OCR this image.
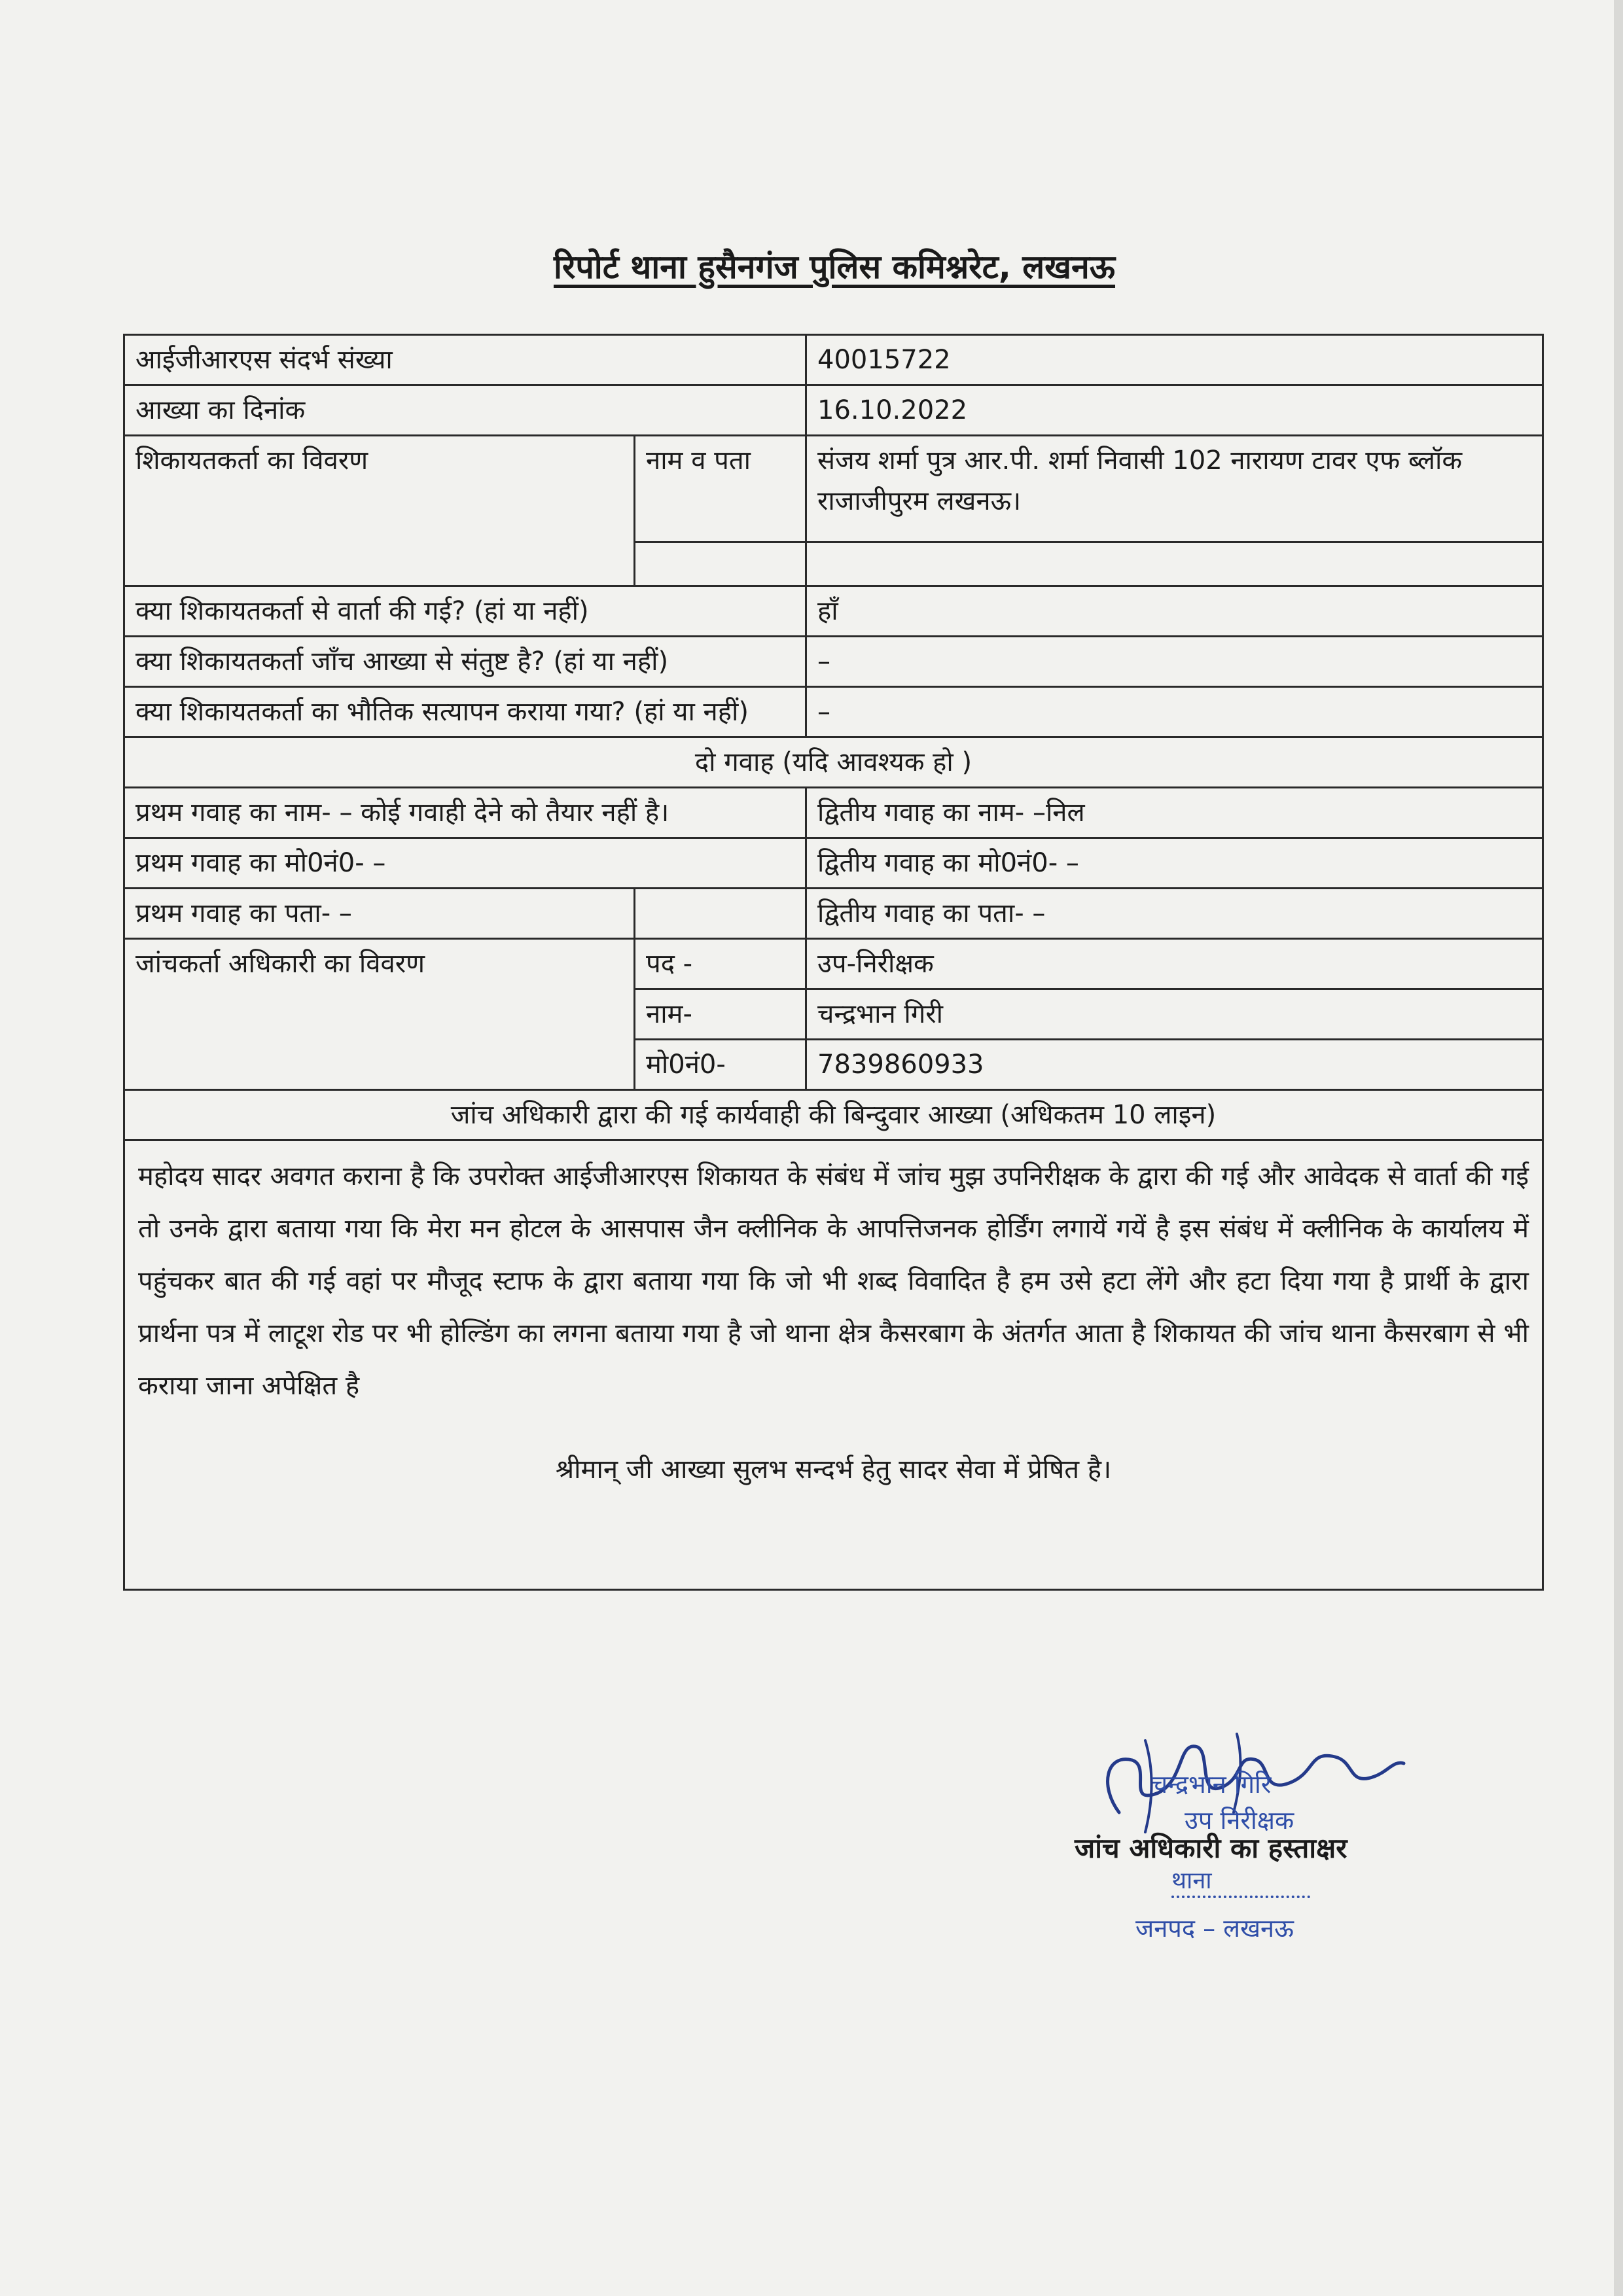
रिपोर्ट थाना हुसैनगंज पुलिस कमिश्नरेट, लखनऊ
आईजीआरएस संदर्भ संख्या		40015722
आख्या का दिनांक		16.10.2022
शिकायतकर्ता का विवरण	नाम व पता	संजय शर्मा पुत्र आर.पी. शर्मा निवासी 102 नारायण टावर एफ ब्लॉक राजाजीपुरम लखनऊ।

क्या शिकायतकर्ता से वार्ता की गई? (हां या नहीं)		हाँ
क्या शिकायतकर्ता जाँच आख्या से संतुष्ट है? (हां या नहीं)		–
क्या शिकायतकर्ता का भौतिक सत्यापन कराया गया? (हां या नहीं)		–
दो गवाह (यदि आवश्यक हो )		
प्रथम गवाह का नाम- – कोई गवाही देने को तैयार नहीं है।		द्वितीय गवाह का नाम- –निल
प्रथम गवाह का मो0नं0- –		द्वितीय गवाह का मो0नं0- –
प्रथम गवाह का पता- –		द्वितीय गवाह का पता- –
जांचकर्ता अधिकारी का विवरण	पद -	उप-निरीक्षक
	नाम-	चन्द्रभान गिरी
	मो0नं0-	7839860933
जांच अधिकारी द्वारा की गई कार्यवाही की बिन्दुवार आख्या (अधिकतम 10 लाइन)		
महोदय सादर अवगत कराना है कि उपरोक्त आईजीआरएस शिकायत के संबंध में जांच मुझ उपनिरीक्षक के द्वारा की गई और आवेदक से वार्ता की गई तो उनके द्वारा बताया गया कि मेरा मन होटल के आसपास जैन क्लीनिक के आपत्तिजनक होर्डिंग लगायें गयें है इस संबंध में क्लीनिक के कार्यालय में पहुंचकर बात की गई वहां पर मौजूद स्टाफ के द्वारा बताया गया कि जो भी शब्द विवादित है हम उसे हटा लेंगे और हटा दिया गया है प्रार्थी के द्वारा प्रार्थना पत्र में लाटूश रोड पर भी होल्डिंग का लगना बताया गया है जो थाना क्षेत्र कैसरबाग के अंतर्गत आता है शिकायत की जांच थाना कैसरबाग से भी कराया जाना अपेक्षित है
श्रीमान् जी आख्या सुलभ सन्दर्भ हेतु सादर सेवा में प्रेषित है।		
चन्द्रभान गिरि
उप निरीक्षक
जांच अधिकारी का हस्ताक्षर
थाना
जनपद – लखनऊ
